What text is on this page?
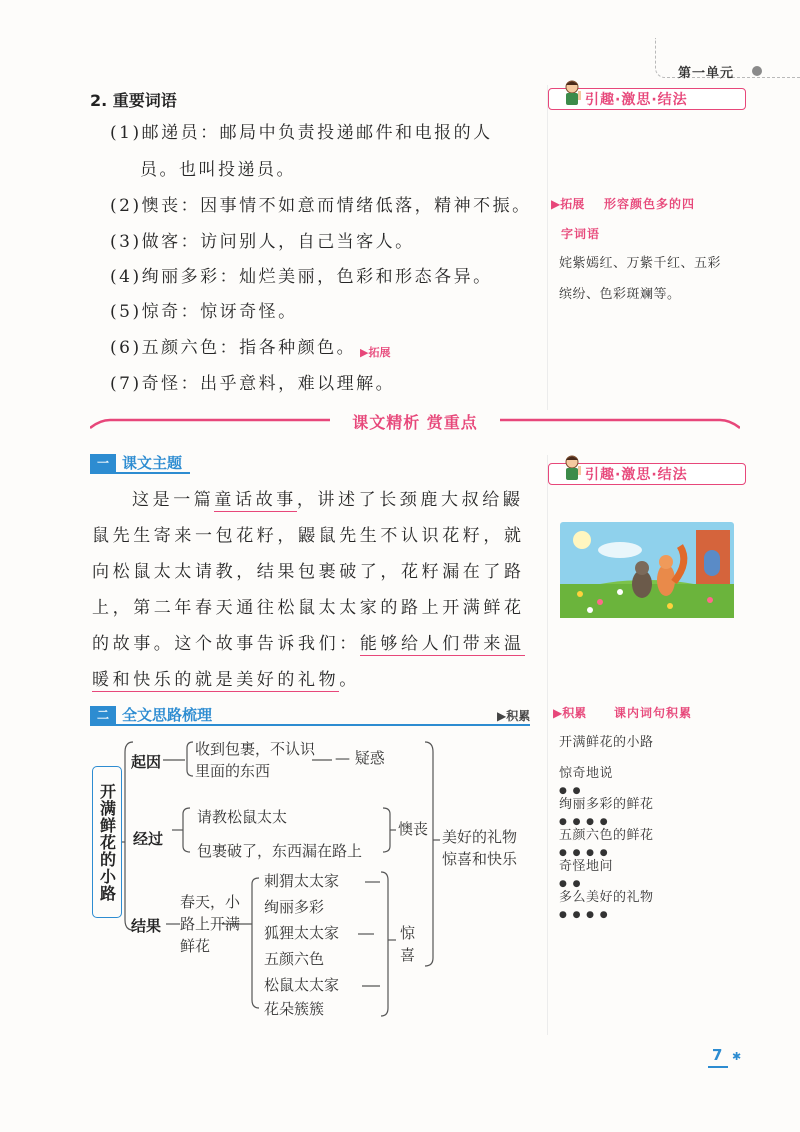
第一单元
2. 重要词语
(1)邮递员：邮局中负责投递邮件和电报的人
员。也叫投递员。
(2)懊丧：因事情不如意而情绪低落，精神不振。
(3)做客：访问别人，自己当客人。
(4)绚丽多彩：灿烂美丽，色彩和形态各异。
(5)惊奇：惊讶奇怪。
(6)五颜六色：指各种颜色。 ▶拓展
(7)奇怪：出乎意料，难以理解。
引趣·激思·结法
▶拓展 形容颜色多的四
字词语
姹紫嫣红、万紫千红、五彩
缤纷、色彩斑斓等。
课文精析 赏重点
一 课文主题
这是一篇童话故事，讲述了长颈鹿大叔给鼹
鼠先生寄来一包花籽，鼹鼠先生不认识花籽，就
向松鼠太太请教，结果包裹破了，花籽漏在了路
上，第二年春天通往松鼠太太家的路上开满鲜花
的故事。这个故事告诉我们：能够给人们带来温
暖和快乐的就是美好的礼物。
引趣·激思·结法
▶积累 课内词句积累
开满鲜花的小路
惊奇地说
●  ●
绚丽多彩的鲜花
●  ●  ●  ●
五颜六色的鲜花
●  ●  ●  ●
奇怪地问
●  ●
多么美好的礼物
●  ●  ●  ●
二 全文思路梳理	▶积累
开满鲜花的小路
起因
收到包裹，不认识
里面的东西
— 疑惑
经过
请教松鼠太太
包裹破了，东西漏在路上
懊丧
结果
春天，小
路上开满
鲜花
刺猬太太家
绚丽多彩
狐狸太太家
五颜六色
松鼠太太家
花朵簇簇
惊
喜
美好的礼物
惊喜和快乐
7 ✱
